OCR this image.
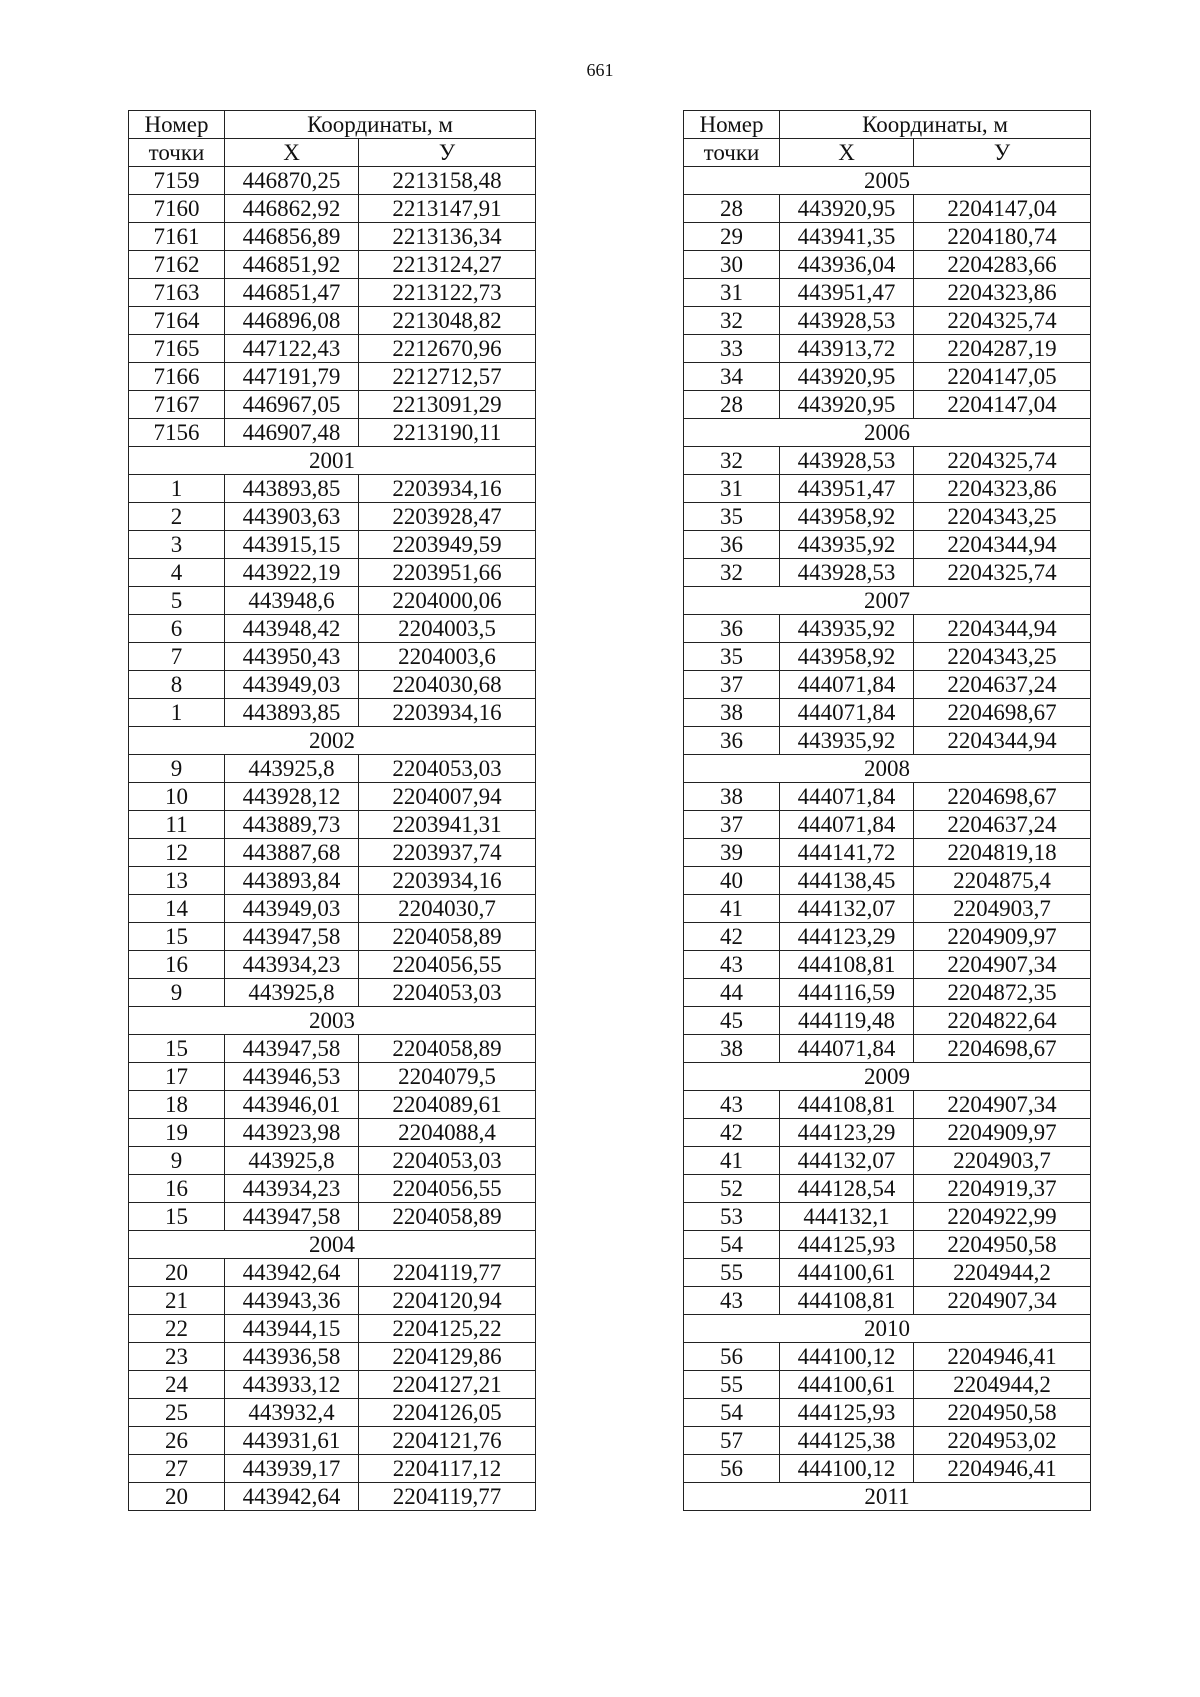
661
Номер	Координаты, м	
точки	X	У
7159	446870,25	2213158,48
7160	446862,92	2213147,91
7161	446856,89	2213136,34
7162	446851,92	2213124,27
7163	446851,47	2213122,73
7164	446896,08	2213048,82
7165	447122,43	2212670,96
7166	447191,79	2212712,57
7167	446967,05	2213091,29
7156	446907,48	2213190,11
2001		
1	443893,85	2203934,16
2	443903,63	2203928,47
3	443915,15	2203949,59
4	443922,19	2203951,66
5	443948,6	2204000,06
6	443948,42	2204003,5
7	443950,43	2204003,6
8	443949,03	2204030,68
1	443893,85	2203934,16
2002		
9	443925,8	2204053,03
10	443928,12	2204007,94
11	443889,73	2203941,31
12	443887,68	2203937,74
13	443893,84	2203934,16
14	443949,03	2204030,7
15	443947,58	2204058,89
16	443934,23	2204056,55
9	443925,8	2204053,03
2003		
15	443947,58	2204058,89
17	443946,53	2204079,5
18	443946,01	2204089,61
19	443923,98	2204088,4
9	443925,8	2204053,03
16	443934,23	2204056,55
15	443947,58	2204058,89
2004		
20	443942,64	2204119,77
21	443943,36	2204120,94
22	443944,15	2204125,22
23	443936,58	2204129,86
24	443933,12	2204127,21
25	443932,4	2204126,05
26	443931,61	2204121,76
27	443939,17	2204117,12
20	443942,64	2204119,77
Номер	Координаты, м	
точки	X	У
2005		
28	443920,95	2204147,04
29	443941,35	2204180,74
30	443936,04	2204283,66
31	443951,47	2204323,86
32	443928,53	2204325,74
33	443913,72	2204287,19
34	443920,95	2204147,05
28	443920,95	2204147,04
2006		
32	443928,53	2204325,74
31	443951,47	2204323,86
35	443958,92	2204343,25
36	443935,92	2204344,94
32	443928,53	2204325,74
2007		
36	443935,92	2204344,94
35	443958,92	2204343,25
37	444071,84	2204637,24
38	444071,84	2204698,67
36	443935,92	2204344,94
2008		
38	444071,84	2204698,67
37	444071,84	2204637,24
39	444141,72	2204819,18
40	444138,45	2204875,4
41	444132,07	2204903,7
42	444123,29	2204909,97
43	444108,81	2204907,34
44	444116,59	2204872,35
45	444119,48	2204822,64
38	444071,84	2204698,67
2009		
43	444108,81	2204907,34
42	444123,29	2204909,97
41	444132,07	2204903,7
52	444128,54	2204919,37
53	444132,1	2204922,99
54	444125,93	2204950,58
55	444100,61	2204944,2
43	444108,81	2204907,34
2010		
56	444100,12	2204946,41
55	444100,61	2204944,2
54	444125,93	2204950,58
57	444125,38	2204953,02
56	444100,12	2204946,41
2011		
